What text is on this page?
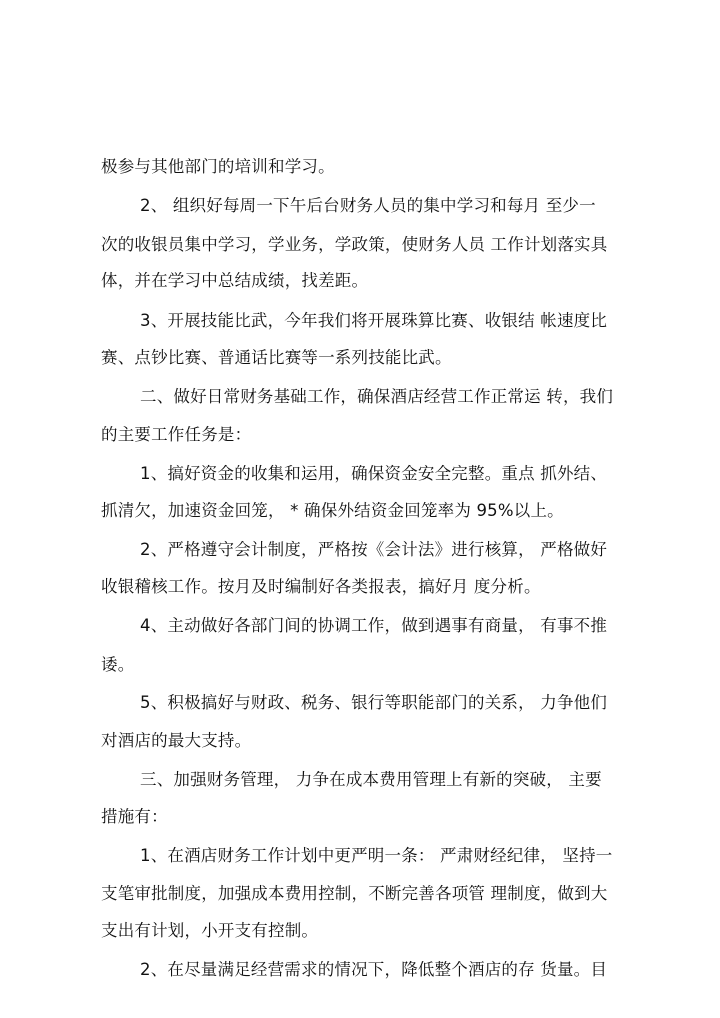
极参与其他部门的培训和学习。
2、 组织好每周一下午后台财务人员的集中学习和每月 至少一
次的收银员集中学习，学业务，学政策，使财务人员 工作计划落实具
体，并在学习中总结成绩，找差距。
3、开展技能比武，今年我们将开展珠算比赛、收银结 帐速度比
赛、点钞比赛、普通话比赛等一系列技能比武。
二、做好日常财务基础工作，确保酒店经营工作正常运 转，我们
的主要工作任务是：
1、搞好资金的收集和运用，确保资金安全完整。重点 抓外结、
抓清欠，加速资金回笼， * 确保外结资金回笼率为 95%以上。
2、严格遵守会计制度，严格按《会计法》进行核算， 严格做好
收银稽核工作。按月及时编制好各类报表，搞好月 度分析。
4、主动做好各部门间的协调工作，做到遇事有商量， 有事不推
诿。
5、积极搞好与财政、税务、银行等职能部门的关系， 力争他们
对酒店的最大支持。
三、加强财务管理， 力争在成本费用管理上有新的突破， 主要
措施有：
1、在酒店财务工作计划中更严明一条： 严肃财经纪律， 坚持一
支笔审批制度，加强成本费用控制，不断完善各项管 理制度，做到大
支出有计划，小开支有控制。
2、在尽量满足经营需求的情况下，降低整个酒店的存 货量。目
